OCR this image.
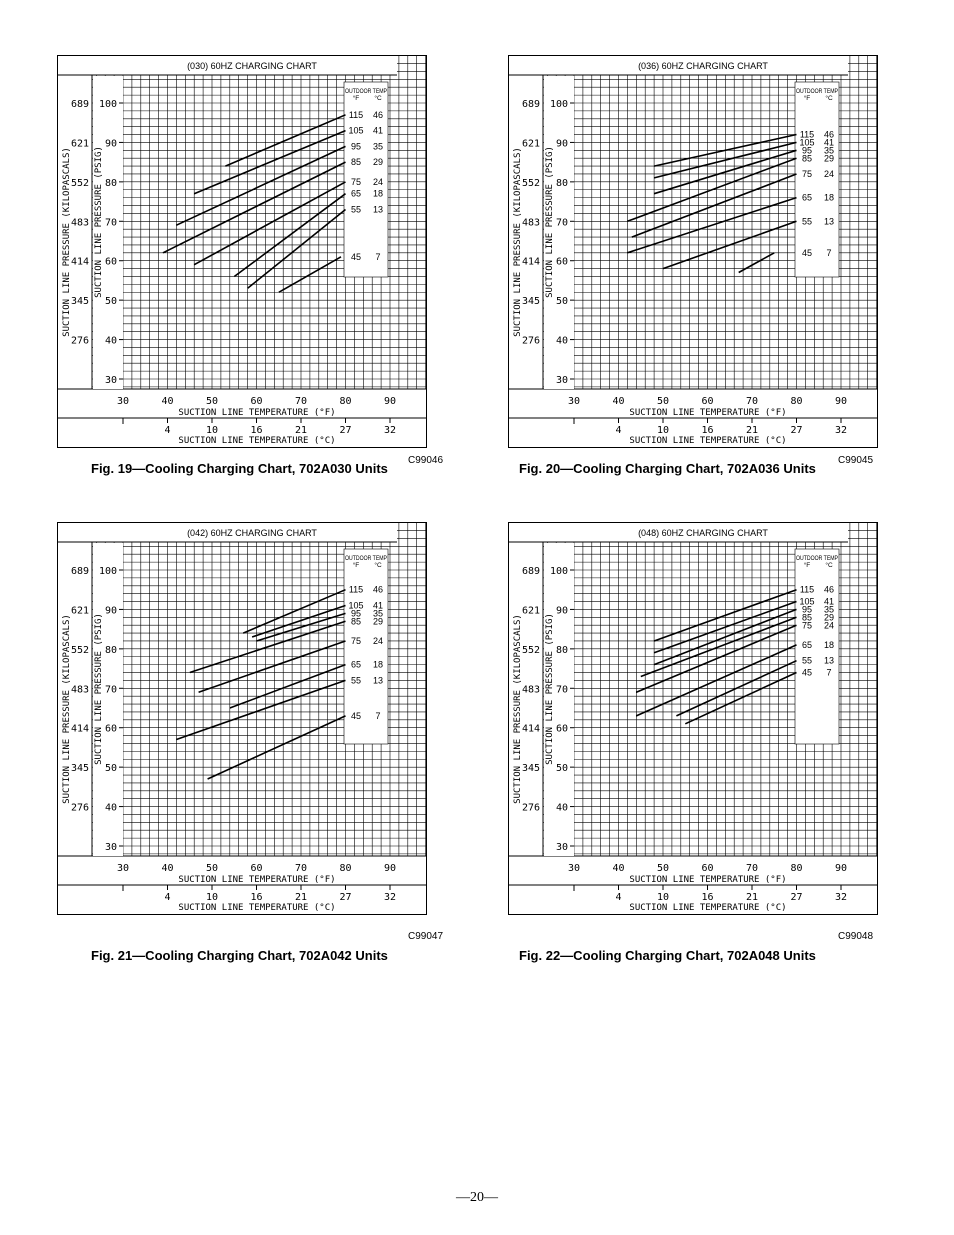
(030) 60HZ CHARGING CHART
30
40
50
60
70
80
90
100
276
345
414
483
552
621
689
SUCTION LINE PRESSURE (KILOPASCALS) SUCTION LINE PRESSURE (PSIG)
30	40	50	60	70	80	90
SUCTION LINE TEMPERATURE (°F)
4	10	16	21	27	32
SUCTION LINE TEMPERATURE (°C)
OUTDOOR TEMP
°F °C
115 46
105 41
95 35
85 29
75 24
65 18
55 13
45 7
(036) 60HZ CHARGING CHART
30
40
50
60
70
80
90
100
276
345
414
483
552
621
689
SUCTION LINE PRESSURE (KILOPASCALS) SUCTION LINE PRESSURE (PSIG)
30	40	50	60	70	80	90
SUCTION LINE TEMPERATURE (°F)
4	10	16	21	27	32
SUCTION LINE TEMPERATURE (°C)
OUTDOOR TEMP
°F °C
115 46
105 41
95 35
85 29
75 24
65 18
55 13
45 7
(042) 60HZ CHARGING CHART
30
40
50
60
70
80
90
100
276
345
414
483
552
621
689
SUCTION LINE PRESSURE (KILOPASCALS) SUCTION LINE PRESSURE (PSIG)
30	40	50	60	70	80	90
SUCTION LINE TEMPERATURE (°F)
4	10	16	21	27	32
SUCTION LINE TEMPERATURE (°C)
OUTDOOR TEMP
°F °C
115 46
105 41
95 35
85 29
75 24
65 18
55 13
45 7
(048) 60HZ CHARGING CHART
30
40
50
60
70
80
90
100
276
345
414
483
552
621
689
SUCTION LINE PRESSURE (KILOPASCALS) SUCTION LINE PRESSURE (PSIG)
30	40	50	60	70	80	90
SUCTION LINE TEMPERATURE (°F)
4	10	16	21	27	32
SUCTION LINE TEMPERATURE (°C)
OUTDOOR TEMP
°F °C
115 46
105 41
95 35
85 29
75 24
65 18
55 13
45 7
C99046	C99045
C99047	C99048
Fig. 19—Cooling Charging Chart, 702A030 Units	Fig. 20—Cooling Charging Chart, 702A036 Units
Fig. 21—Cooling Charging Chart, 702A042 Units	Fig. 22—Cooling Charging Chart, 702A048 Units
—20—
